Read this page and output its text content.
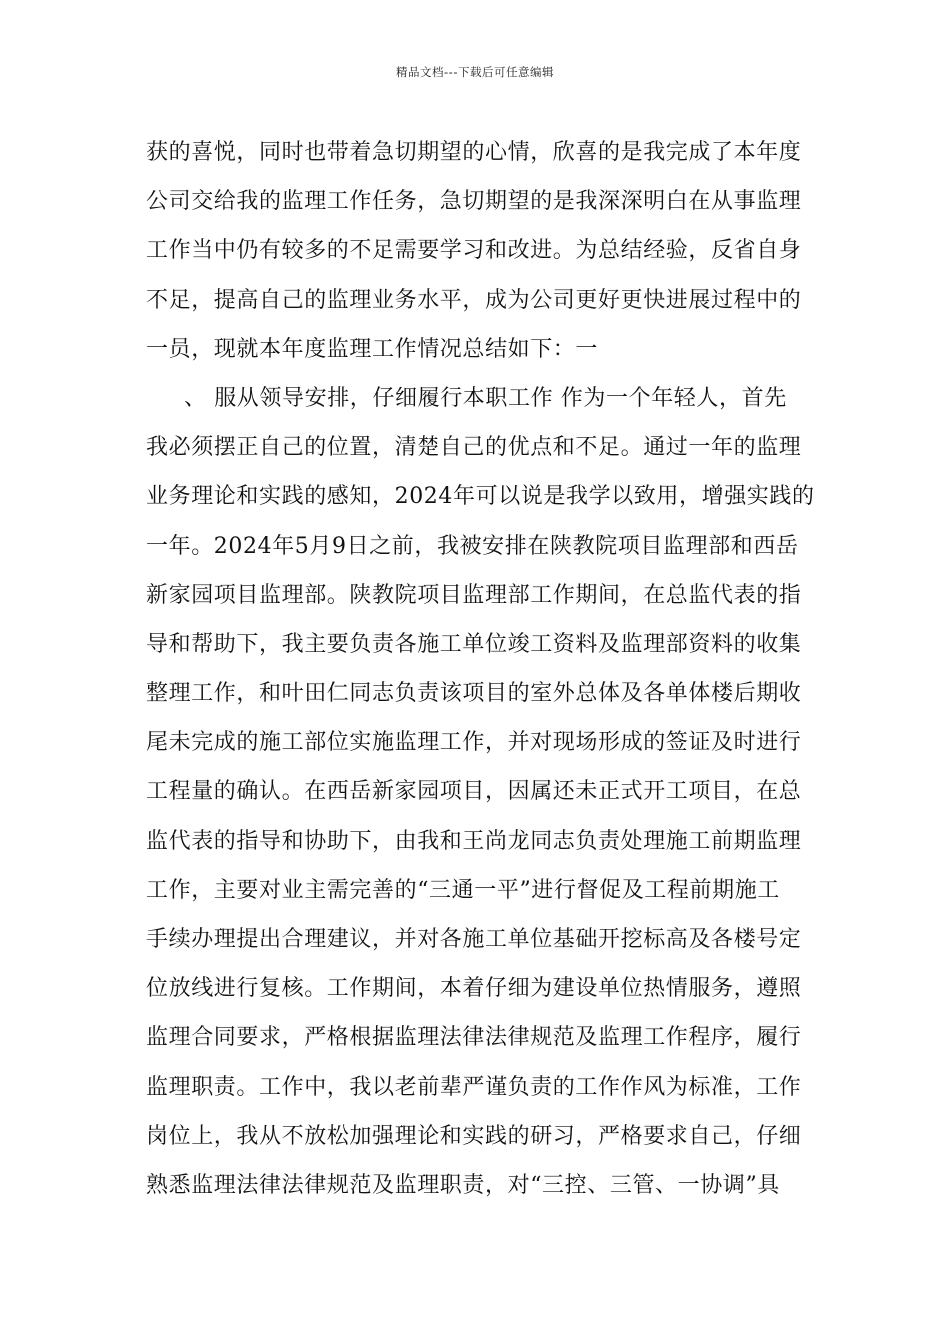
精品文档---下载后可任意编辑
获的喜悦，同时也带着急切期望的心情，欣喜的是我完成了本年度
公司交给我的监理工作任务，急切期望的是我深深明白在从事监理
工作当中仍有较多的不足需要学习和改进。为总结经验，反省自身
不足，提高自己的监理业务水平，成为公司更好更快进展过程中的
一员，现就本年度监理工作情况总结如下：一
、 服从领导安排，仔细履行本职工作 作为一个年轻人，首先
我必须摆正自己的位置，清楚自己的优点和不足。通过一年的监理
业务理论和实践的感知，2024年可以说是我学以致用，增强实践的
一年。2024年5月9日之前，我被安排在陕教院项目监理部和西岳
新家园项目监理部。陕教院项目监理部工作期间，在总监代表的指
导和帮助下，我主要负责各施工单位竣工资料及监理部资料的收集
整理工作，和叶田仁同志负责该项目的室外总体及各单体楼后期收
尾未完成的施工部位实施监理工作，并对现场形成的签证及时进行
工程量的确认。在西岳新家园项目，因属还未正式开工项目，在总
监代表的指导和协助下，由我和王尚龙同志负责处理施工前期监理
工作，主要对业主需完善的“三通一平”进行督促及工程前期施工
手续办理提出合理建议，并对各施工单位基础开挖标高及各楼号定
位放线进行复核。工作期间，本着仔细为建设单位热情服务，遵照
监理合同要求，严格根据监理法律法律规范及监理工作程序，履行
监理职责。工作中，我以老前辈严谨负责的工作作风为标准，工作
岗位上，我从不放松加强理论和实践的研习，严格要求自己，仔细
熟悉监理法律法律规范及监理职责，对“三控、三管、一协调”具
